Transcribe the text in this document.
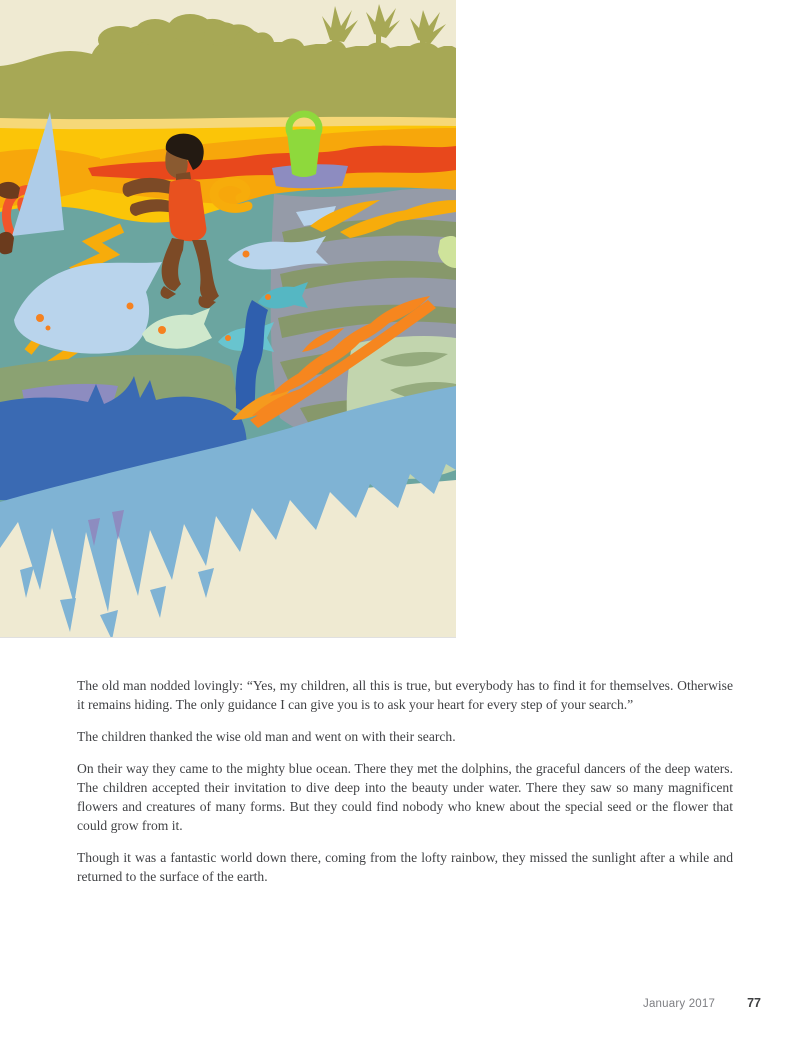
The old man nodded lovingly: “Yes, my children, all this is true, but everybody has to find it for themselves. Otherwise it remains hiding. The only guidance I can give you is to ask your heart for every step of your search.”

The children thanked the wise old man and went on with their search.

On their way they came to the mighty blue ocean. There they met the dolphins, the graceful dancers of the deep waters. The children accepted their invitation to dive deep into the beauty under water. There they saw so many magnificent flowers and creatures of many forms. But they could find nobody who knew about the special seed or the flower that could grow from it.

Though it was a fantastic world down there, coming from the lofty rainbow, they missed the sunlight after a while and returned to the surface of the earth.

January 2017	77
